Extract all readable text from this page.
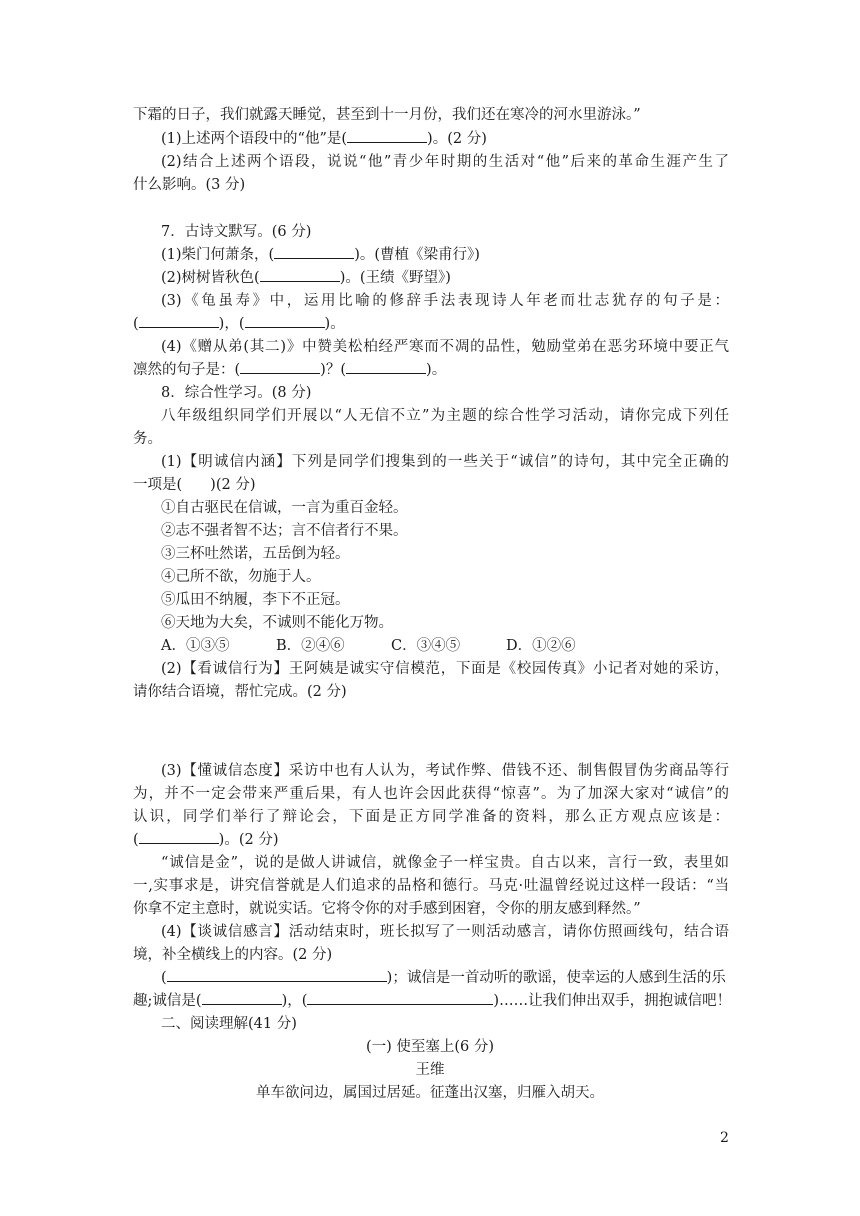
下霜的日子，我们就露天睡觉，甚至到十一月份，我们还在寒冷的河水里游泳。”
(1)上述两个语段中的“他”是(	)。(2 分)
(2)结合上述两个语段，说说“他”青少年时期的生活对“他”后来的革命生涯产生了
什么影响。(3 分)
7．古诗文默写。(6 分)
(1)柴门何萧条，(	)。(曹植《梁甫行》)
(2)树树皆秋色(	)。(王绩《野望》)
(3)《龟虽寿》中，运用比喻的修辞手法表现诗人年老而壮志犹存的句子是：
(	)，(	)。
(4)《赠从弟(其二)》中赞美松柏经严寒而不凋的品性，勉励堂弟在恶劣环境中要正气
凛然的句子是：(	)？(	)。
8．综合性学习。(8 分)
八年级组织同学们开展以“人无信不立”为主题的综合性学习活动，请你完成下列任
务。
(1)【明诚信内涵】下列是同学们搜集到的一些关于“诚信”的诗句，其中完全正确的
一项是( )(2 分)
①自古驱民在信诚，一言为重百金轻。
②志不强者智不达；言不信者行不果。
③三杯吐然诺，五岳倒为轻。
④己所不欲，勿施于人。
⑤瓜田不纳履，李下不正冠。
⑥天地为大矣，不诚则不能化万物。
A．①③⑤	B．②④⑥	C．③④⑤	D．①②⑥
(2)【看诚信行为】王阿姨是诚实守信模范，下面是《校园传真》小记者对她的采访，
请你结合语境，帮忙完成。(2 分)
(3)【懂诚信态度】采访中也有人认为，考试作弊、借钱不还、制售假冒伪劣商品等行
为，并不一定会带来严重后果，有人也许会因此获得“惊喜”。为了加深大家对“诚信”的
认识，同学们举行了辩论会，下面是正方同学准备的资料，那么正方观点应该是：
(	)。(2 分)
“诚信是金”，说的是做人讲诚信，就像金子一样宝贵。自古以来，言行一致，表里如
一,实事求是，讲究信誉就是人们追求的品格和德行。马克·吐温曾经说过这样一段话：“当
你拿不定主意时，就说实话。它将令你的对手感到困窘，令你的朋友感到释然。”
(4)【谈诚信感言】活动结束时，班长拟写了一则活动感言，请你仿照画线句，结合语
境，补全横线上的内容。(2 分)
(	)；诚信是一首动听的歌谣，使幸运的人感到生活的乐
趣;诚信是(	)，(	)……让我们伸出双手，拥抱诚信吧！
二、阅读理解(41 分)
(一) 使至塞上(6 分)
王维
单车欲问边，属国过居延。征蓬出汉塞，归雁入胡天。
2
